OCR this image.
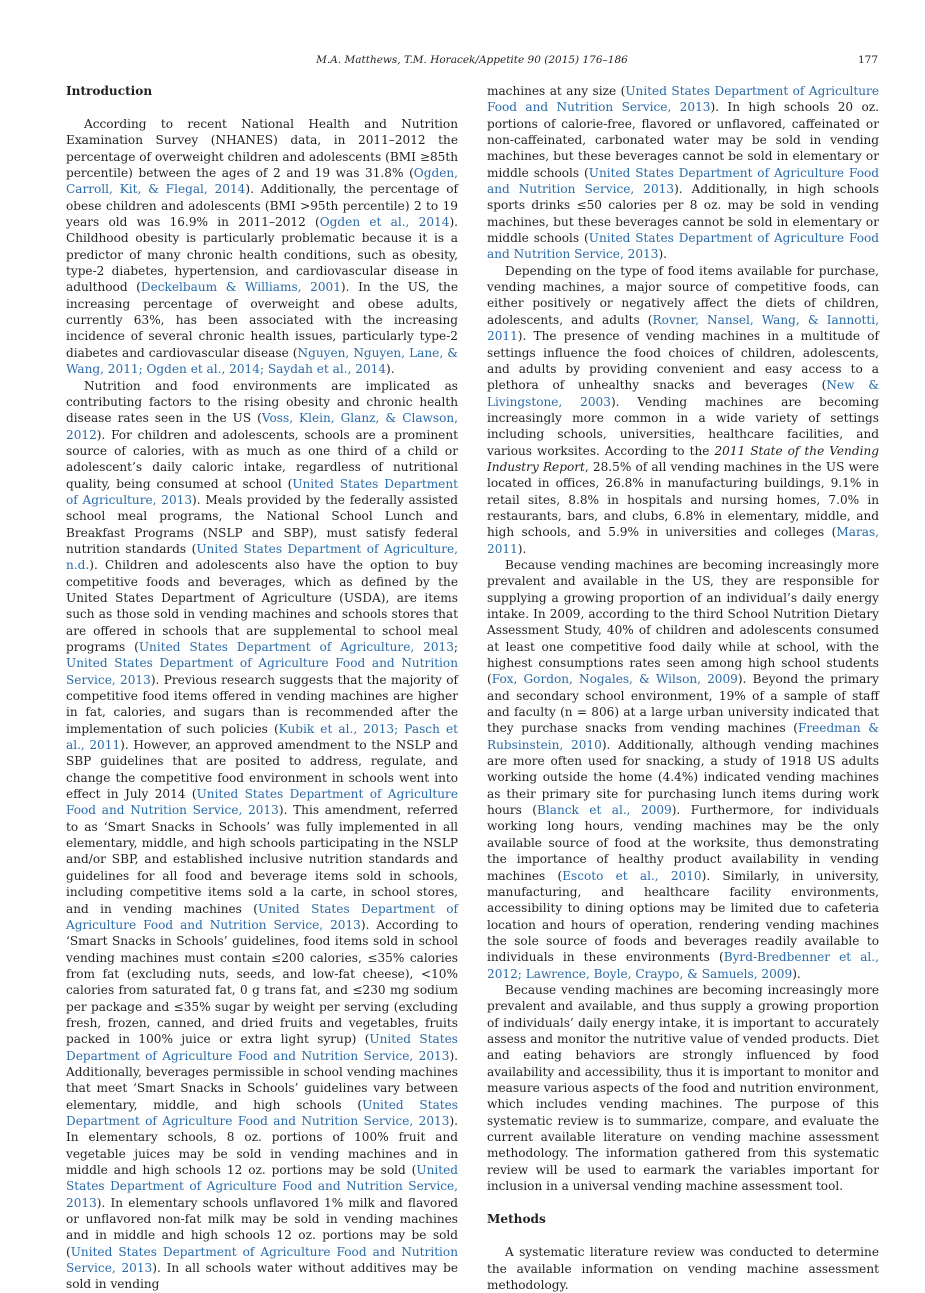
M.A. Matthews, T.M. Horacek/Appetite 90 (2015) 176–186	177
Introduction

According to recent National Health and Nutrition Examination Survey (NHANES) data, in 2011–2012 the percentage of overweight children and adolescents (BMI ≥85th percentile) between the ages of 2 and 19 was 31.8% (Ogden, Carroll, Kit, & Flegal, 2014). Additionally, the percentage of obese children and adolescents (BMI >95th percentile) 2 to 19 years old was 16.9% in 2011–2012 (Ogden et al., 2014). Childhood obesity is particularly problematic because it is a predictor of many chronic health conditions, such as obesity, type-2 diabetes, hypertension, and cardiovascular disease in adulthood (Deckelbaum & Williams, 2001). In the US, the increasing percentage of overweight and obese adults, currently 63%, has been associated with the increasing incidence of several chronic health issues, particularly type-2 diabetes and cardiovascular disease (Nguyen, Nguyen, Lane, & Wang, 2011; Ogden et al., 2014; Saydah et al., 2014).

Nutrition and food environments are implicated as contributing factors to the rising obesity and chronic health disease rates seen in the US (Voss, Klein, Glanz, & Clawson, 2012). For children and adolescents, schools are a prominent source of calories, with as much as one third of a child or adolescent’s daily caloric intake, regardless of nutritional quality, being consumed at school (United States Department of Agriculture, 2013). Meals provided by the federally assisted school meal programs, the National School Lunch and Breakfast Programs (NSLP and SBP), must satisfy federal nutrition standards (United States Department of Agriculture, n.d.). Children and adolescents also have the option to buy competitive foods and beverages, which as defined by the United States Department of Agriculture (USDA), are items such as those sold in vending machines and schools stores that are offered in schools that are supplemental to school meal programs (United States Department of Agriculture, 2013; United States Department of Agriculture Food and Nutrition Service, 2013). Previous research suggests that the majority of competitive food items offered in vending machines are higher in fat, calories, and sugars than is recommended after the implementation of such policies (Kubik et al., 2013; Pasch et al., 2011). However, an approved amendment to the NSLP and SBP guidelines that are posited to address, regulate, and change the competitive food environment in schools went into effect in July 2014 (United States Department of Agriculture Food and Nutrition Service, 2013). This amendment, referred to as ‘Smart Snacks in Schools’ was fully implemented in all elementary, middle, and high schools participating in the NSLP and/or SBP, and established inclusive nutrition standards and guidelines for all food and beverage items sold in schools, including competitive items sold a la carte, in school stores, and in vending machines (United States Department of Agriculture Food and Nutrition Service, 2013). According to ‘Smart Snacks in Schools’ guidelines, food items sold in school vending machines must contain ≤200 calories, ≤35% calories from fat (excluding nuts, seeds, and low-fat cheese), <10% calories from saturated fat, 0 g trans fat, and ≤230 mg sodium per package and ≤35% sugar by weight per serving (excluding fresh, frozen, canned, and dried fruits and vegetables, fruits packed in 100% juice or extra light syrup) (United States Department of Agriculture Food and Nutrition Service, 2013). Additionally, beverages permissible in school vending machines that meet ‘Smart Snacks in Schools’ guidelines vary between elementary, middle, and high schools (United States Department of Agriculture Food and Nutrition Service, 2013). In elementary schools, 8 oz. portions of 100% fruit and vegetable juices may be sold in vending machines and in middle and high schools 12 oz. portions may be sold (United States Department of Agriculture Food and Nutrition Service, 2013). In elementary schools unflavored 1% milk and flavored or unflavored non-fat milk may be sold in vending machines and in middle and high schools 12 oz. portions may be sold (United States Department of Agriculture Food and Nutrition Service, 2013). In all schools water without additives may be sold in vending

machines at any size (United States Department of Agriculture Food and Nutrition Service, 2013). In high schools 20 oz. portions of calorie-free, flavored or unflavored, caffeinated or non-caffeinated, carbonated water may be sold in vending machines, but these beverages cannot be sold in elementary or middle schools (United States Department of Agriculture Food and Nutrition Service, 2013). Additionally, in high schools sports drinks ≤50 calories per 8 oz. may be sold in vending machines, but these beverages cannot be sold in elementary or middle schools (United States Department of Agriculture Food and Nutrition Service, 2013).

Depending on the type of food items available for purchase, vending machines, a major source of competitive foods, can either positively or negatively affect the diets of children, adolescents, and adults (Rovner, Nansel, Wang, & Iannotti, 2011). The presence of vending machines in a multitude of settings influence the food choices of children, adolescents, and adults by providing convenient and easy access to a plethora of unhealthy snacks and beverages (New & Livingstone, 2003). Vending machines are becoming increasingly more common in a wide variety of settings including schools, universities, healthcare facilities, and various worksites. According to the 2011 State of the Vending Industry Report, 28.5% of all vending machines in the US were located in offices, 26.8% in manufacturing buildings, 9.1% in retail sites, 8.8% in hospitals and nursing homes, 7.0% in restaurants, bars, and clubs, 6.8% in elementary, middle, and high schools, and 5.9% in universities and colleges (Maras, 2011).

Because vending machines are becoming increasingly more prevalent and available in the US, they are responsible for supplying a growing proportion of an individual’s daily energy intake. In 2009, according to the third School Nutrition Dietary Assessment Study, 40% of children and adolescents consumed at least one competitive food daily while at school, with the highest consumptions rates seen among high school students (Fox, Gordon, Nogales, & Wilson, 2009). Beyond the primary and secondary school environment, 19% of a sample of staff and faculty (n = 806) at a large urban university indicated that they purchase snacks from vending machines (Freedman & Rubsinstein, 2010). Additionally, although vending machines are more often used for snacking, a study of 1918 US adults working outside the home (4.4%) indicated vending machines as their primary site for purchasing lunch items during work hours (Blanck et al., 2009). Furthermore, for individuals working long hours, vending machines may be the only available source of food at the worksite, thus demonstrating the importance of healthy product availability in vending machines (Escoto et al., 2010). Similarly, in university, manufacturing, and healthcare facility environments, accessibility to dining options may be limited due to cafeteria location and hours of operation, rendering vending machines the sole source of foods and beverages readily available to individuals in these environments (Byrd-Bredbenner et al., 2012; Lawrence, Boyle, Craypo, & Samuels, 2009).

Because vending machines are becoming increasingly more prevalent and available, and thus supply a growing proportion of individuals’ daily energy intake, it is important to accurately assess and monitor the nutritive value of vended products. Diet and eating behaviors are strongly influenced by food availability and accessibility, thus it is important to monitor and measure various aspects of the food and nutrition environment, which includes vending machines. The purpose of this systematic review is to summarize, compare, and evaluate the current available literature on vending machine assessment methodology. The information gathered from this systematic review will be used to earmark the variables important for inclusion in a universal vending machine assessment tool.

Methods

A systematic literature review was conducted to determine the available information on vending machine assessment methodology.
